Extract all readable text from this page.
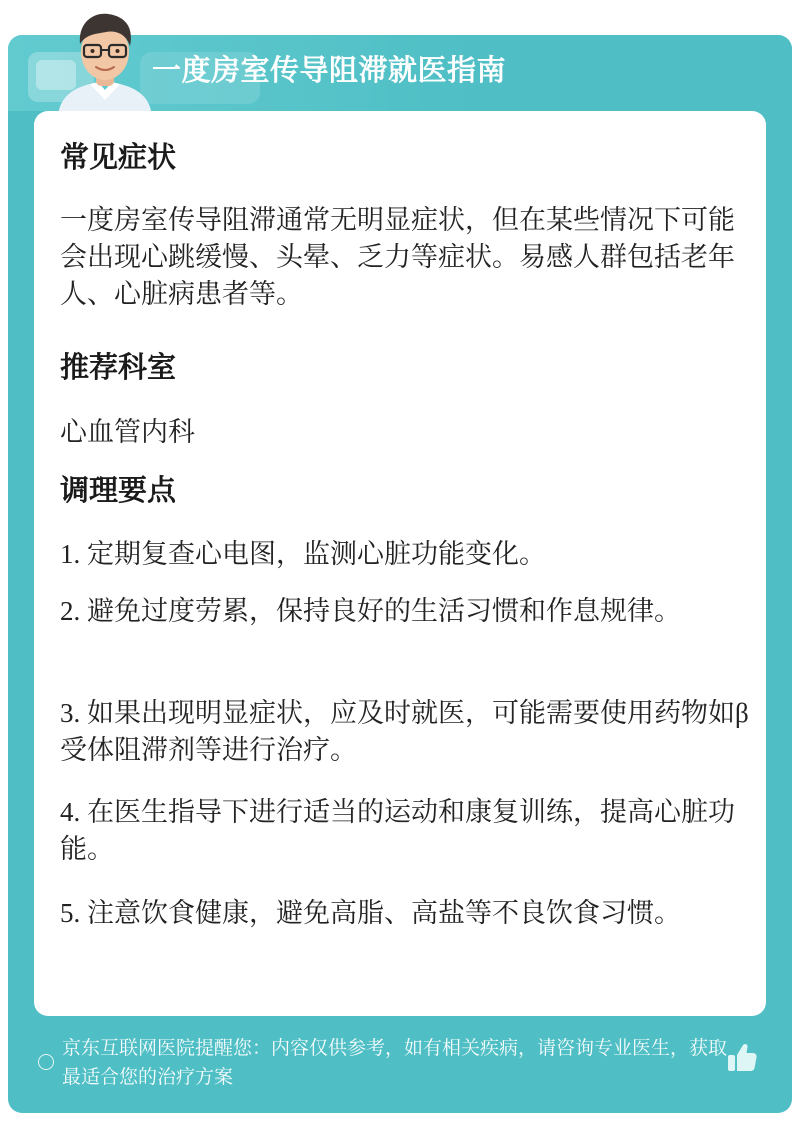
一度房室传导阻滞就医指南
常见症状
一度房室传导阻滞通常无明显症状，但在某些情况下可能会出现心跳缓慢、头晕、乏力等症状。易感人群包括老年人、心脏病患者等。
推荐科室
心血管内科
调理要点
1. 定期复查心电图，监测心脏功能变化。
2. 避免过度劳累，保持良好的生活习惯和作息规律。
3. 如果出现明显症状，应及时就医，可能需要使用药物如β受体阻滞剂等进行治疗。
4. 在医生指导下进行适当的运动和康复训练，提高心脏功能。
5. 注意饮食健康，避免高脂、高盐等不良饮食习惯。
京东互联网医院提醒您：内容仅供参考，如有相关疾病，请咨询专业医生，获取最适合您的治疗方案
